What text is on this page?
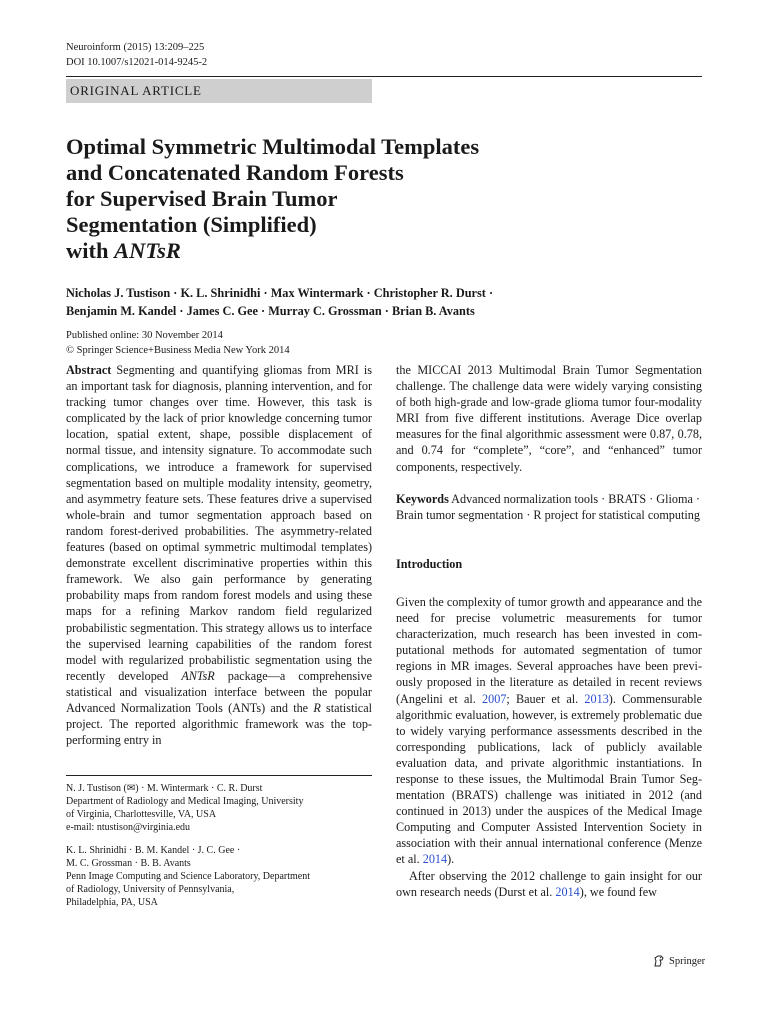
Neuroinform (2015) 13:209–225
DOI 10.1007/s12021-014-9245-2
ORIGINAL ARTICLE
Optimal Symmetric Multimodal Templates
and Concatenated Random Forests
for Supervised Brain Tumor
Segmentation (Simplified)
with ANTsR
Nicholas J. Tustison · K. L. Shrinidhi · Max Wintermark · Christopher R. Durst ·
Benjamin M. Kandel · James C. Gee · Murray C. Grossman · Brian B. Avants
Published online: 30 November 2014
© Springer Science+Business Media New York 2014

Abstract Segmenting and quantifying gliomas from MRI is an important task for diagnosis, planning intervention, and for tracking tumor changes over time. However, this task is complicated by the lack of prior knowledge concerning tumor location, spatial extent, shape, possible displacement of normal tissue, and intensity signature. To accommodate such complications, we introduce a framework for supervised segmentation based on multiple modality intensity, geometry, and asymmetry feature sets. These features drive a supervised whole-brain and tumor segmentation approach based on random forest-derived probabilities. The asymmetry-related features (based on optimal symmetric multimodal templates) demonstrate excellent discriminative properties within this framework. We also gain performance by generating probability maps from random forest models and using these maps for a refining Markov random field regularized probabilistic segmentation. This strategy allows us to interface the supervised learning capabilities of the random forest model with regularized probabilistic segmentation using the recently developed ANTsR package—a comprehensive statistical and visualization interface between the popular Advanced Normalization Tools (ANTs) and the R statistical project. The reported algorithmic framework was the top-performing entry in

N. J. Tustison (✉) · M. Wintermark · C. R. Durst
Department of Radiology and Medical Imaging, University
of Virginia, Charlottesville, VA, USA
e-mail: ntustison@virginia.edu
K. L. Shrinidhi · B. M. Kandel · J. C. Gee ·
M. C. Grossman · B. B. Avants
Penn Image Computing and Science Laboratory, Department
of Radiology, University of Pennsylvania,
Philadelphia, PA, USA

the MICCAI 2013 Multimodal Brain Tumor Segmentation challenge. The challenge data were widely varying consisting of both high-grade and low-grade glioma tumor four-modality MRI from five different institutions. Average Dice overlap measures for the final algorithmic assessment were 0.87, 0.78, and 0.74 for “complete”, “core”, and “enhanced” tumor components, respectively.

Keywords Advanced normalization tools · BRATS · Glioma · Brain tumor segmentation · R project for statistical computing

Introduction

Given the complexity of tumor growth and appearance and the need for precise volumetric measurements for tumor characterization, much research has been invested in computational methods for automated segmentation of tumor regions in MR images. Several approaches have been previously proposed in the literature as detailed in recent reviews (Angelini et al. 2007; Bauer et al. 2013). Commensurable algorithmic evaluation, however, is extremely problematic due to widely varying performance assessments described in the corresponding publications, lack of publicly available evaluation data, and private algorithmic instantiations. In response to these issues, the Multimodal Brain Tumor Segmentation (BRATS) challenge was initiated in 2012 (and continued in 2013) under the auspices of the Medical Image Computing and Computer Assisted Intervention Society in association with their annual international conference (Menze et al. 2014).

After observing the 2012 challenge to gain insight for our own research needs (Durst et al. 2014), we found few

Springer
